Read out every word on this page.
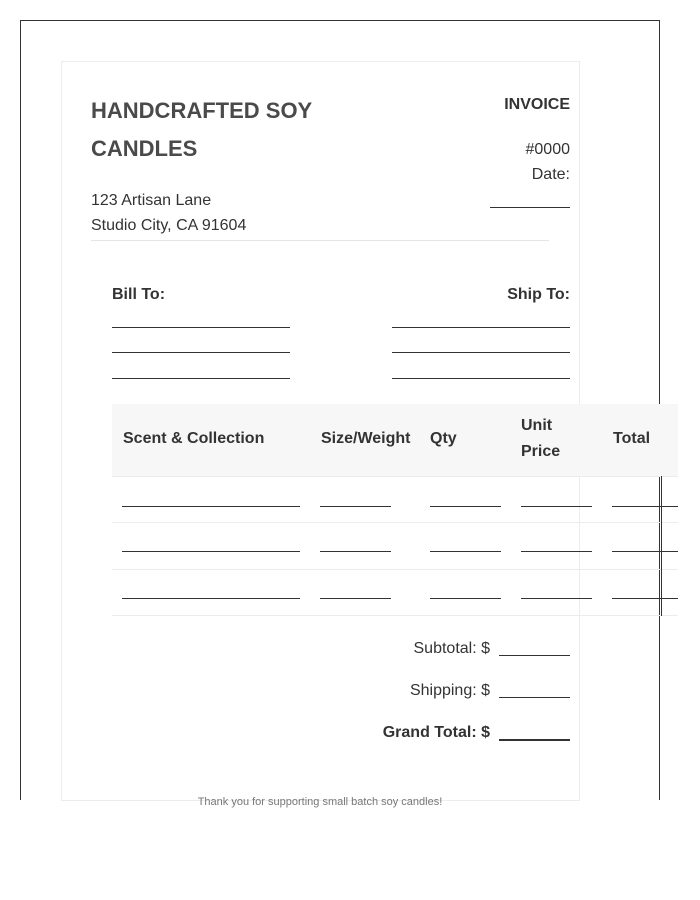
HANDCRAFTED SOY CANDLES
123 Artisan Lane
Studio City, CA 91604
INVOICE
#0000
Date:
Bill To:	Ship To:
Scent & Collection	Size/Weight Qty
Unit Price
Total
Subtotal: $
Shipping: $
Grand Total: $
Thank you for supporting small batch soy candles!
